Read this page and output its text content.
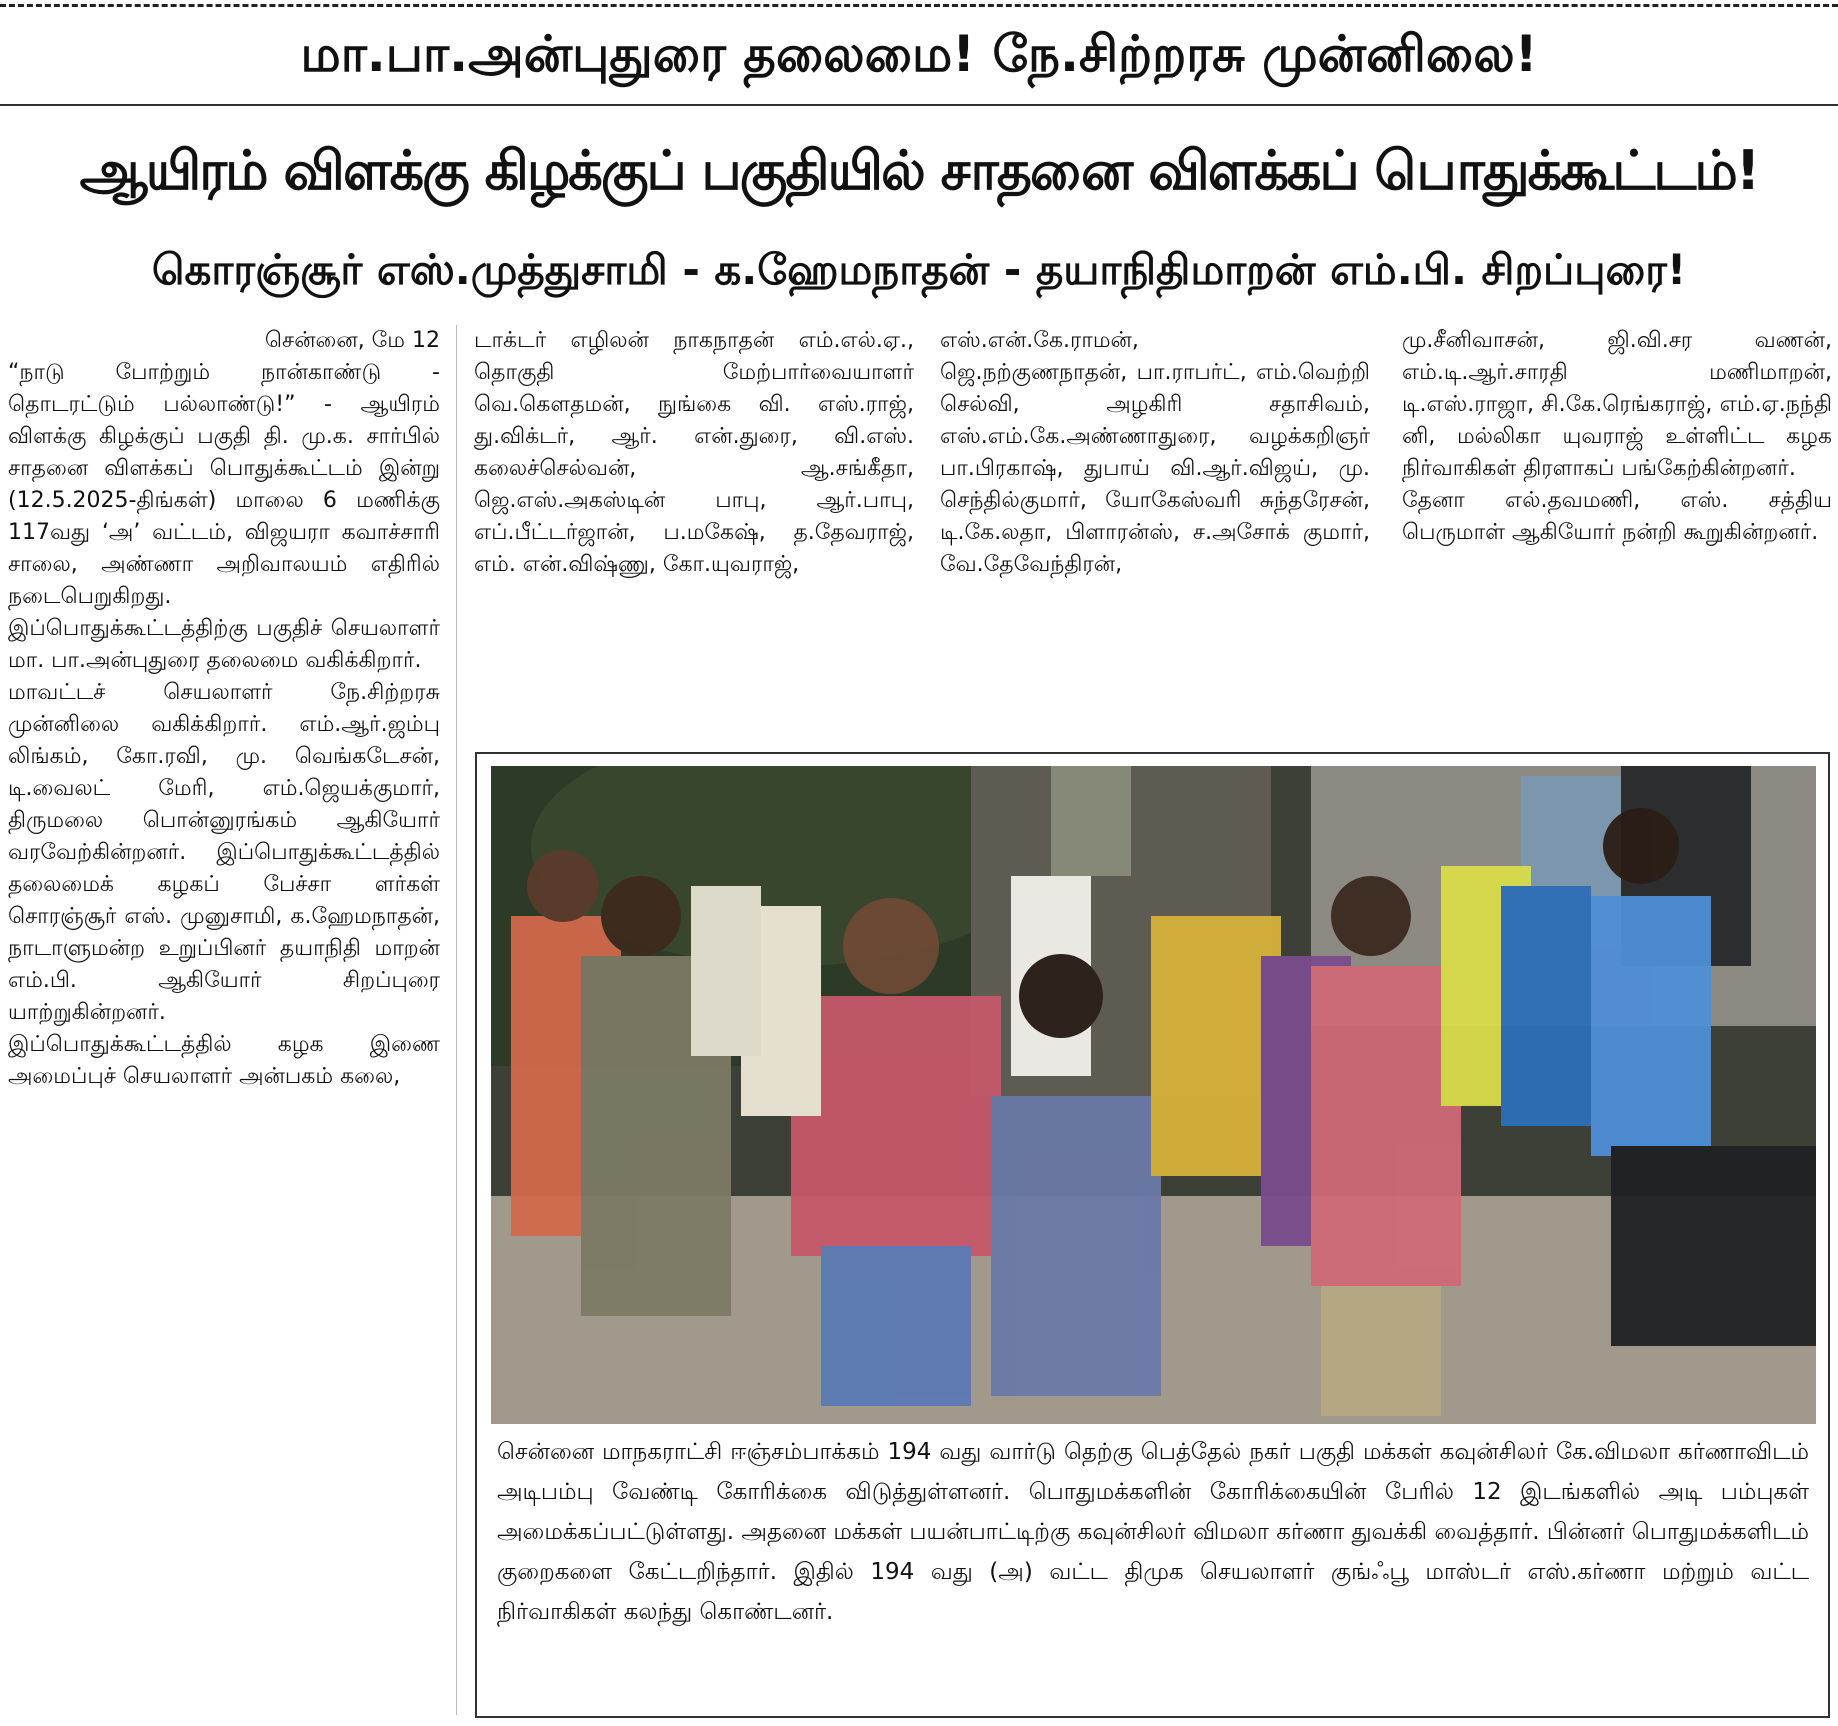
மா.பா.அன்புதுரை தலைமை! நே.சிற்றரசு முன்னிலை!
ஆயிரம் விளக்கு கிழக்குப் பகுதியில் சாதனை விளக்கப் பொதுக்கூட்டம்!
கொரஞ்சூர் எஸ்.முத்துசாமி - க.ஹேமநாதன் - தயாநிதிமாறன் எம்.பி. சிறப்புரை!
சென்னை, மே 12
“நாடு போற்றும் நான்காண்டு - தொடரட்டும் பல்லாண்டு!” - ஆயிரம் விளக்கு கிழக்குப் பகுதி தி. மு.க. சார்பில் சாதனை விளக்கப் பொதுக்கூட்டம் இன்று (12.5.2025-திங்கள்) மாலை 6 மணிக்கு 117வது ‘அ’ வட்டம், விஜயரா கவாச்சாரி சாலை, அண்ணா அறிவாலயம் எதிரில் நடைபெறுகிறது.
இப்பொதுக்கூட்டத்திற்கு பகுதிச் செயலாளர் மா. பா.அன்புதுரை தலைமை வகிக்கிறார்.
மாவட்டச் செயலாளர் நே.சிற்றரசு முன்னிலை வகிக்கிறார். எம்.ஆர்.ஜம்பு லிங்கம், கோ.ரவி, மு. வெங்கடேசன், டி.வைலட் மேரி, எம்.ஜெயக்குமார், திருமலை பொன்னுரங்கம் ஆகியோர் வரவேற்கின்றனர். இப்பொதுக்கூட்டத்தில் தலைமைக் கழகப் பேச்சா ளர்கள் சொரஞ்சூர் எஸ். முனுசாமி, க.ஹேமநாதன், நாடாளுமன்ற உறுப்பினர் தயாநிதி மாறன் எம்.பி. ஆகியோர் சிறப்புரை யாற்றுகின்றனர்.
இப்பொதுக்கூட்டத்தில் கழக இணை அமைப்புச் செயலாளர் அன்பகம் கலை,
டாக்டர் எழிலன் நாகநாதன் எம்.எல்.ஏ., தொகுதி மேற்பார்வையாளர் வெ.கௌதமன், நுங்கை வி. எஸ்.ராஜ், து.விக்டர், ஆர். என்.துரை, வி.எஸ். கலைச்செல்வன், ஆ.சங்கீதா, ஜெ.எஸ்.அகஸ்டின் பாபு, ஆர்.பாபு, எப்.பீட்டர்ஜான், ப.மகேஷ், த.தேவராஜ், எம். என்.விஷ்ணு, கோ.யுவராஜ்,
எஸ்.என்.கே.ராமன்,
ஜெ.நற்குணநாதன், பா.ராபர்ட், எம்.வெற்றி செல்வி, அழகிரி சதாசிவம், எஸ்.எம்.கே.அண்ணாதுரை, வழக்கறிஞர் பா.பிரகாஷ், துபாய் வி.ஆர்.விஜய், மு. செந்தில்குமார், யோகேஸ்வரி சுந்தரேசன், டி.கே.லதா, பிளாரன்ஸ், ச.அசோக் குமார், வே.தேவேந்திரன்,
மு.சீனிவாசன், ஜி.வி.சர வணன், எம்.டி.ஆர்.சாரதி மணிமாறன், டி.எஸ்.ராஜா, சி.கே.ரெங்கராஜ், எம்.ஏ.நந்தி னி, மல்லிகா யுவராஜ் உள்ளிட்ட கழக நிர்வாகிகள் திரளாகப் பங்கேற்கின்றனர்.
தேனா எல்.தவமணி, எஸ். சத்திய பெருமாள் ஆகியோர் நன்றி கூறுகின்றனர்.
சென்னை மாநகராட்சி ஈஞ்சம்பாக்கம் 194 வது வார்டு தெற்கு பெத்தேல் நகர் பகுதி மக்கள் கவுன்சிலர் கே.விமலா கர்ணாவிடம் அடிபம்பு வேண்டி கோரிக்கை விடுத்துள்ளனர். பொதுமக்களின் கோரிக்கையின் பேரில் 12 இடங்களில் அடி பம்புகள் அமைக்கப்பட்டுள்ளது. அதனை மக்கள் பயன்பாட்டிற்கு கவுன்சிலர் விமலா கர்ணா துவக்கி வைத்தார். பின்னர் பொதுமக்களிடம் குறைகளை கேட்டறிந்தார். இதில் 194 வது (அ) வட்ட திமுக செயலாளர் குங்ஃபூ மாஸ்டர் எஸ்.கர்ணா மற்றும் வட்ட நிர்வாகிகள் கலந்து கொண்டனர்.
